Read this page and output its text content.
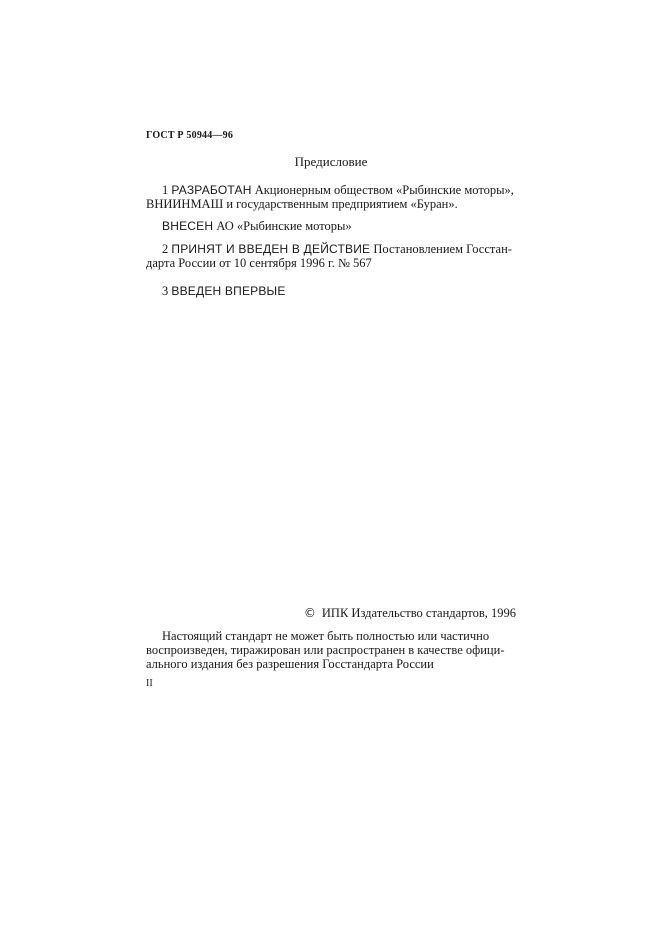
ГОСТ Р 50944—96
Предисловие
1 РАЗРАБОТАН Акционерным обществом «Рыбинские моторы»,
ВНИИНМАШ и государственным предприятием «Буран».
ВНЕСЕН АО «Рыбинские моторы»
2 ПРИНЯТ И ВВЕДЕН В ДЕЙСТВИЕ Постановлением Госстан-
дарта России от 10 сентября 1996 г. № 567
3 ВВЕДЕН ВПЕРВЫЕ
© ИПК Издательство стандартов, 1996
Настоящий стандарт не может быть полностью или частично
воспроизведен, тиражирован или распространен в качестве офици-
ального издания без разрешения Госстандарта России
II
